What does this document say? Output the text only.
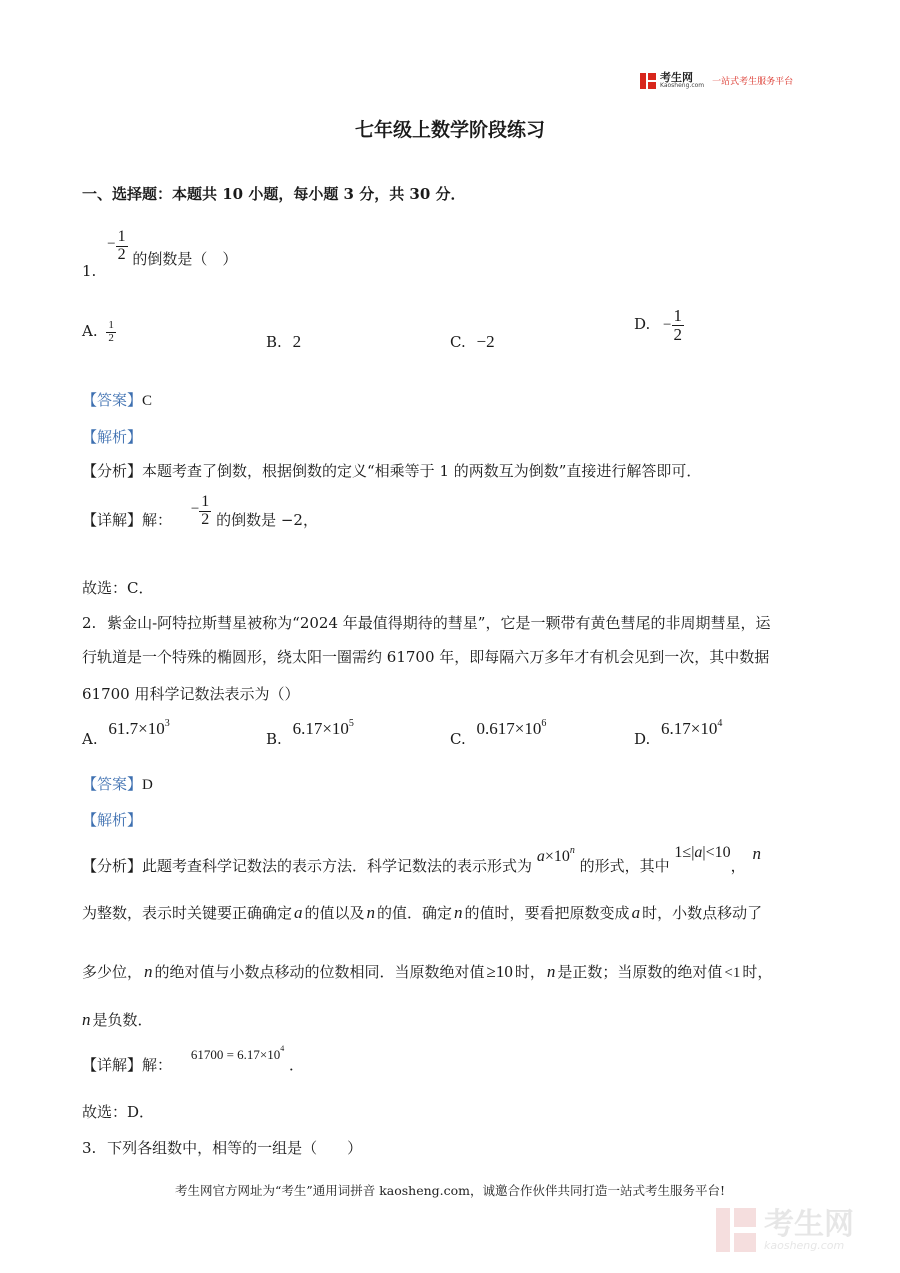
考生网
Kaosheng.com 一站式考生服务平台
七年级上数学阶段练习
一、选择题：本题共 10 小题，每小题 3 分，共 30 分．
1. − $\frac{1}{2}$ 的倒数是（　）
A. $\frac{1}{2}$	B. 2	C. −2
D. − $\frac{1}{2}$
【答案】C
【解析】
【分析】本题考查了倒数，根据倒数的定义“相乘等于 1 的两数互为倒数”直接进行解答即可．
【详解】解： − $\frac{1}{2}$ 的倒数是 −2，
故选：C．
2. 紫金山-阿特拉斯彗星被称为“2024 年最值得期待的彗星”，它是一颗带有黄色彗尾的非周期彗星，运
行轨道是一个特殊的椭圆形，绕太阳一圈需约 61700 年，即每隔六万多年才有机会见到一次，其中数据
61700 用科学记数法表示为（）
A. $61.7\times 10^3$
B. $6.17\times 10^5$
C. $0.617\times 10^6$
D. $6.17\times 10^4$
【答案】D
【解析】
【分析】此题考查科学记数法的表示方法．科学记数法的表示形式为 $a\times 10^n$ 的形式，其中 1≤|a|<10， n
为整数，表示时关键要正确确定 a 的值以及 n 的值．确定 n 的值时，要看把原数变成 a 时，小数点移动了
多少位， n 的绝对值与小数点移动的位数相同．当原数绝对值 ≥10 时， n 是正数；当原数的绝对值 <1 时，
n 是负数．
【详解】解： $61700 = 6.17\times 10^4$ ．
故选：D．
3. 下列各组数中，相等的一组是（　　）
考生网官方网址为“考生”通用词拼音 kaosheng.com，诚邀合作伙伴共同打造一站式考生服务平台!
考生网
kaosheng.com
